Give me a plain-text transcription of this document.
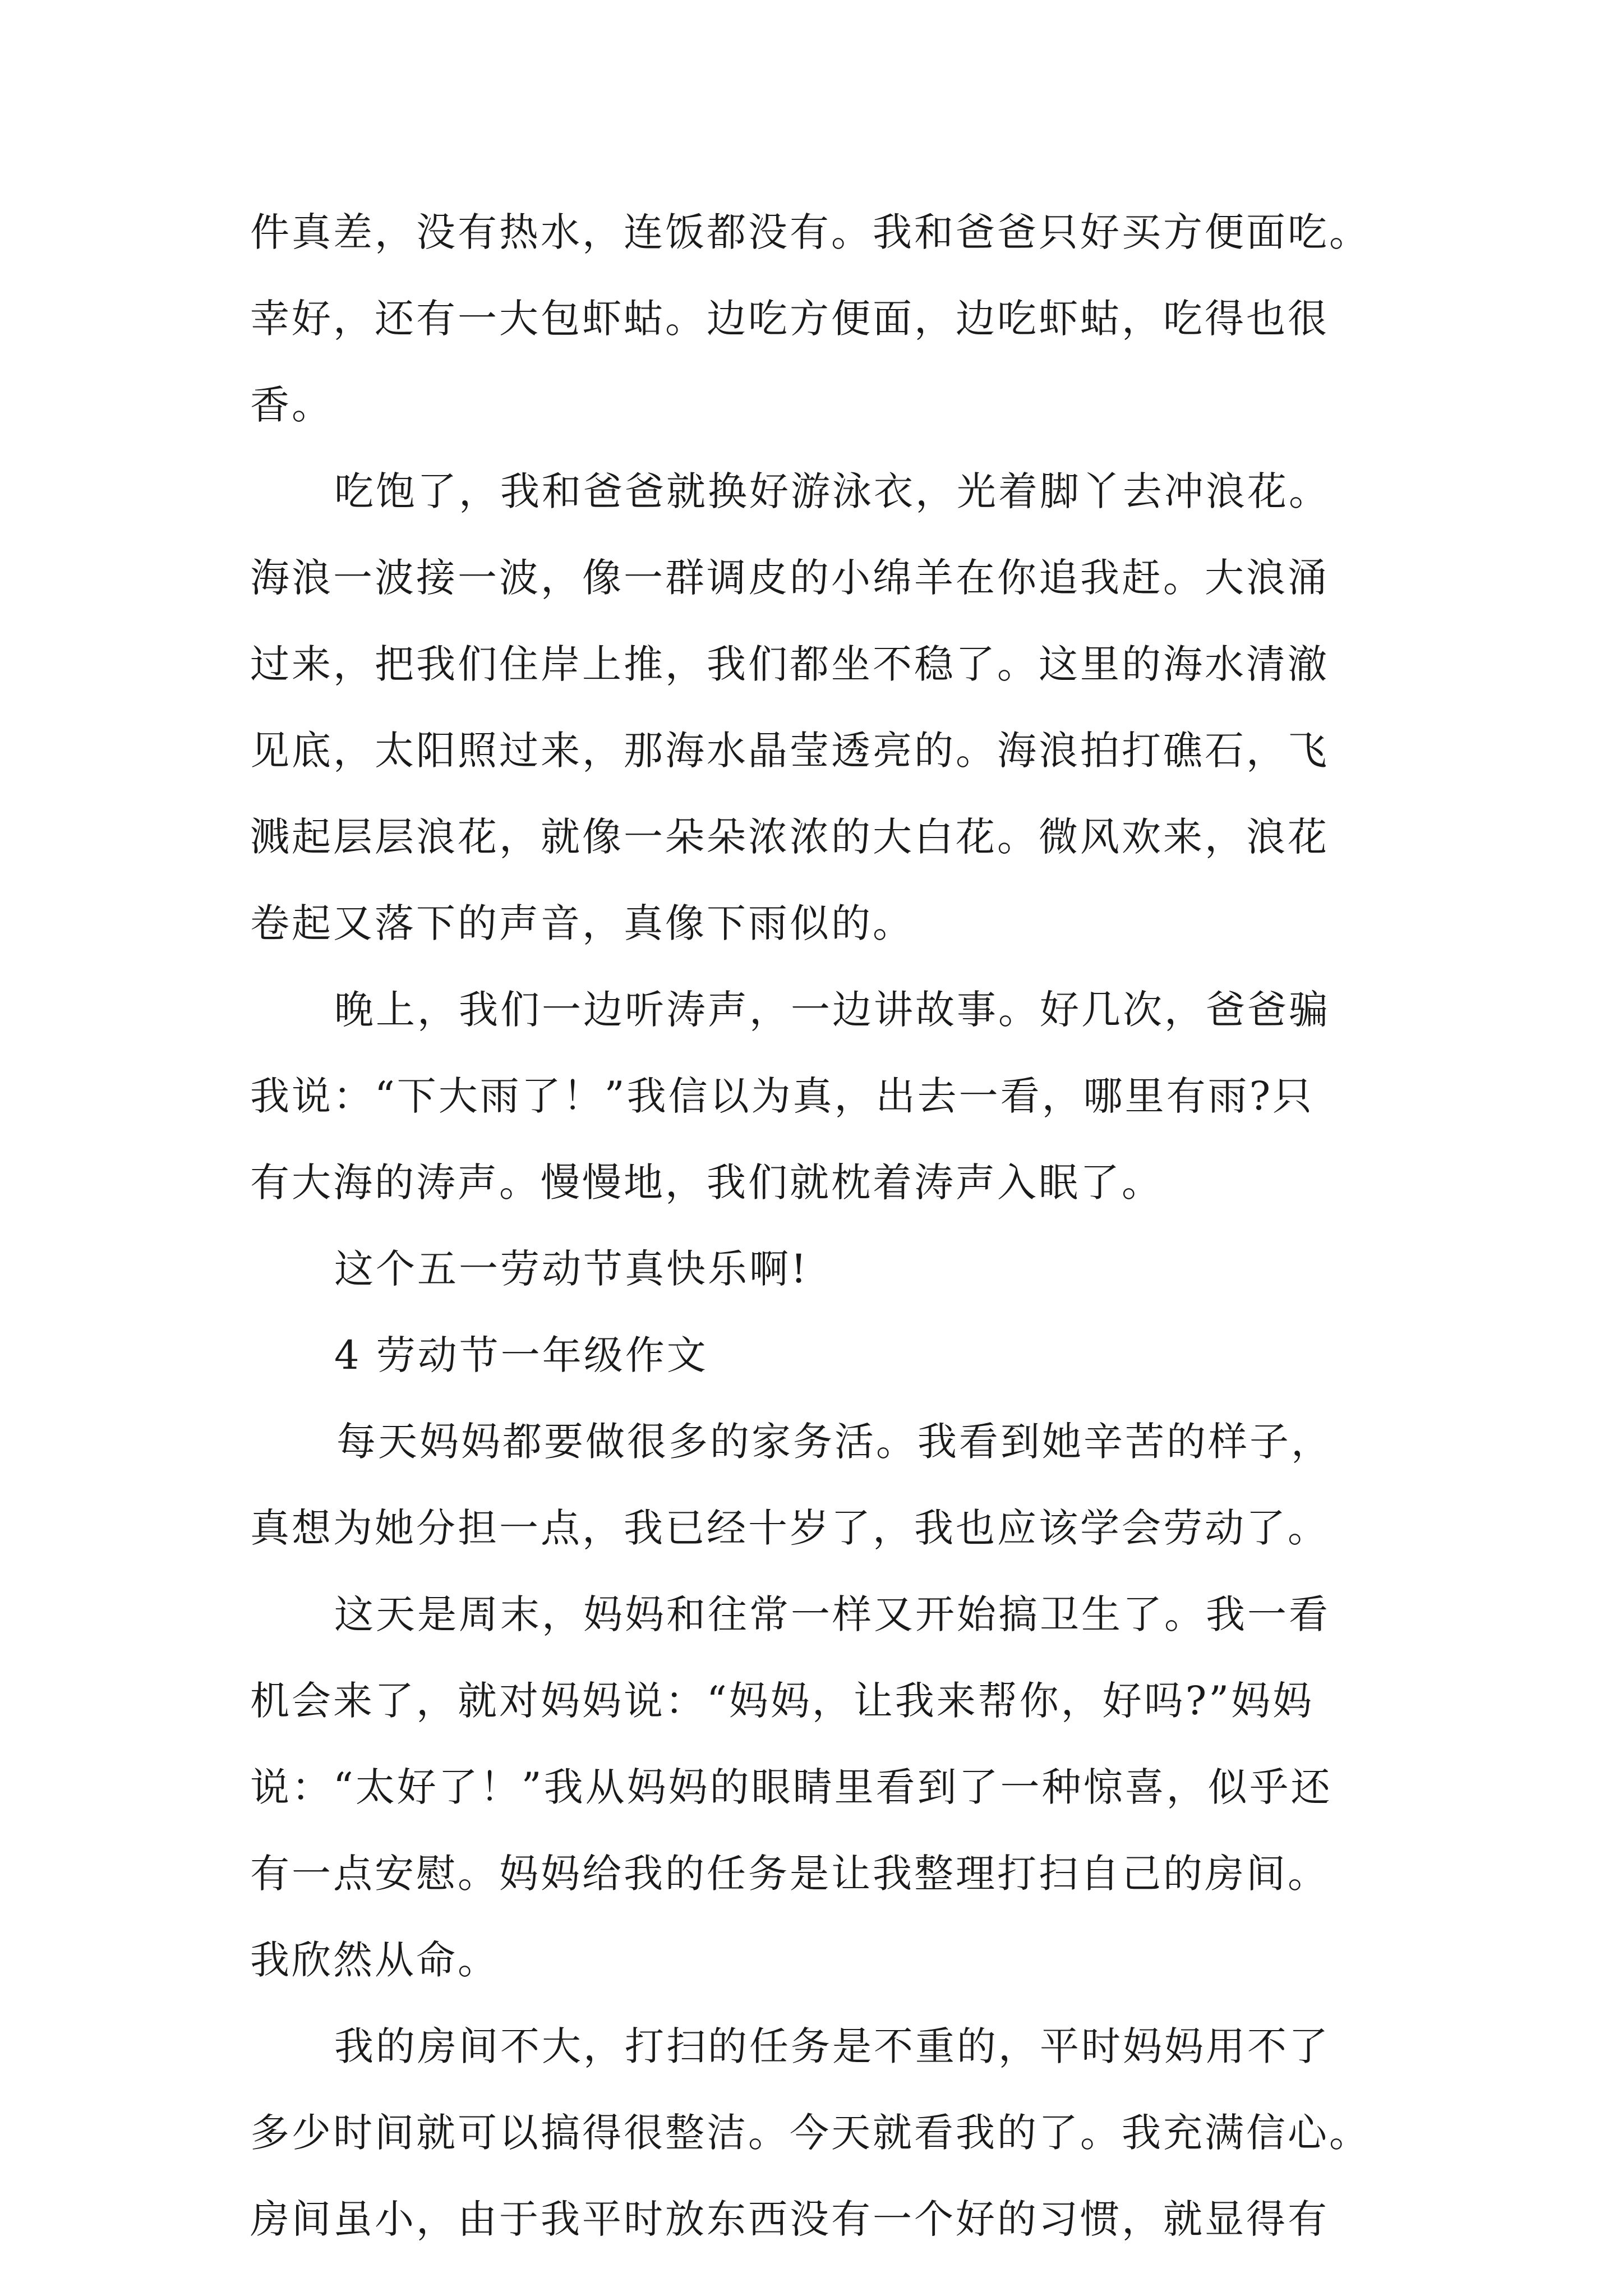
件真差，没有热水，连饭都没有。我和爸爸只好买方便面吃。
幸好，还有一大包虾蛄。边吃方便面，边吃虾蛄，吃得也很
香。
吃饱了，我和爸爸就换好游泳衣，光着脚丫去冲浪花。
海浪一波接一波，像一群调皮的小绵羊在你追我赶。大浪涌
过来，把我们住岸上推，我们都坐不稳了。这里的海水清澈
见底，太阳照过来，那海水晶莹透亮的。海浪拍打礁石，飞
溅起层层浪花，就像一朵朵浓浓的大白花。微风欢来，浪花
卷起又落下的声音，真像下雨似的。
晚上，我们一边听涛声，一边讲故事。好几次，爸爸骗
我说：“下大雨了！”我信以为真，出去一看，哪里有雨?只
有大海的涛声。慢慢地，我们就枕着涛声入眠了。
这个五一劳动节真快乐啊!
4 劳动节一年级作文
每天妈妈都要做很多的家务活。我看到她辛苦的样子，
真想为她分担一点，我已经十岁了，我也应该学会劳动了。
这天是周末，妈妈和往常一样又开始搞卫生了。我一看
机会来了，就对妈妈说：“妈妈，让我来帮你，好吗?”妈妈
说：“太好了！”我从妈妈的眼睛里看到了一种惊喜，似乎还
有一点安慰。妈妈给我的任务是让我整理打扫自己的房间。
我欣然从命。
我的房间不大，打扫的任务是不重的，平时妈妈用不了
多少时间就可以搞得很整洁。今天就看我的了。我充满信心。
房间虽小，由于我平时放东西没有一个好的习惯，就显得有
